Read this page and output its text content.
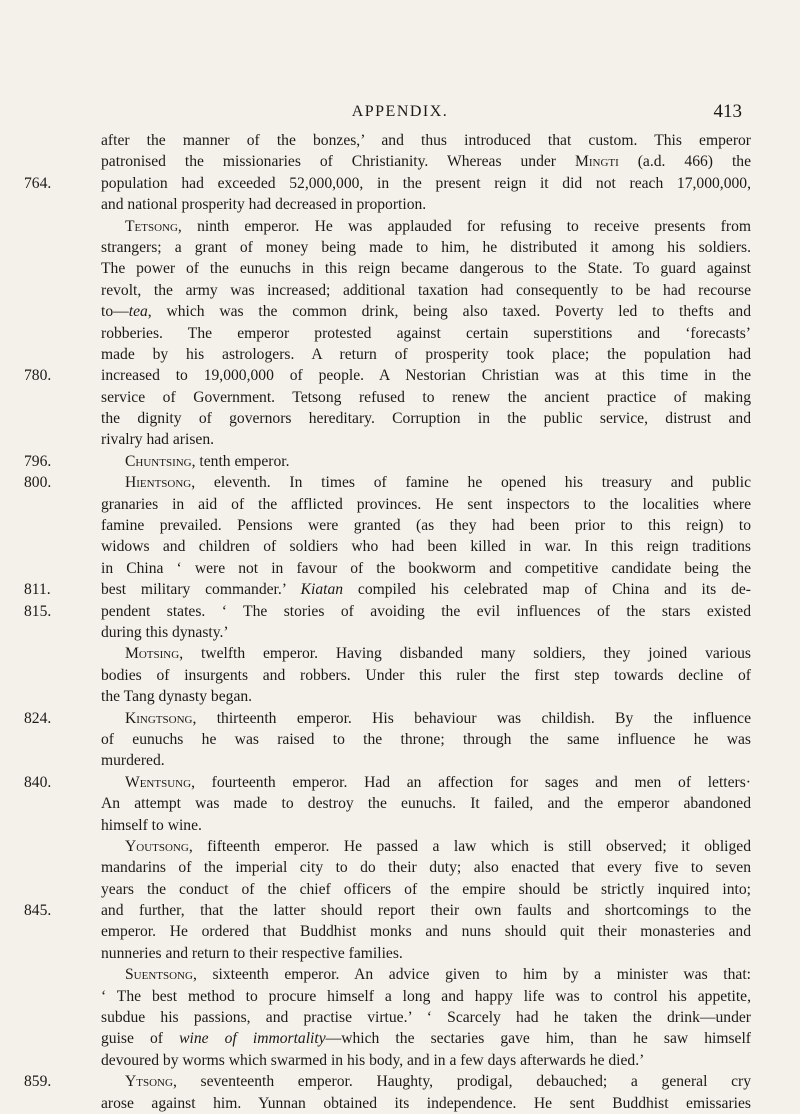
APPENDIX.	413
after the manner of the bonzes,’ and thus introduced that custom. This emperor
patronised the missionaries of Christianity. Whereas under Mingti (a.d. 466) the
764.	population had exceeded 52,000,000, in the present reign it did not reach 17,000,000,
and national prosperity had decreased in proportion.
Tetsong, ninth emperor. He was applauded for refusing to receive presents from
strangers; a grant of money being made to him, he distributed it among his soldiers.
The power of the eunuchs in this reign became dangerous to the State. To guard against
revolt, the army was increased; additional taxation had consequently to be had recourse
to—tea, which was the common drink, being also taxed. Poverty led to thefts and
robberies. The emperor protested against certain superstitions and ‘forecasts’
made by his astrologers. A return of prosperity took place; the population had
780.	increased to 19,000,000 of people. A Nestorian Christian was at this time in the
service of Government. Tetsong refused to renew the ancient practice of making
the dignity of governors hereditary. Corruption in the public service, distrust and
rivalry had arisen.
796.	Chuntsing, tenth emperor.
800.	Hientsong, eleventh. In times of famine he opened his treasury and public
granaries in aid of the afflicted provinces. He sent inspectors to the localities where
famine prevailed. Pensions were granted (as they had been prior to this reign) to
widows and children of soldiers who had been killed in war. In this reign traditions
in China ‘ were not in favour of the bookworm and competitive candidate being the
811.	best military commander.’ Kiatan compiled his celebrated map of China and its de-
815.	pendent states. ‘ The stories of avoiding the evil influences of the stars existed
during this dynasty.’
Motsing, twelfth emperor. Having disbanded many soldiers, they joined various
bodies of insurgents and robbers. Under this ruler the first step towards decline of
the Tang dynasty began.
824.	Kingtsong, thirteenth emperor. His behaviour was childish. By the influence
of eunuchs he was raised to the throne; through the same influence he was
murdered.
840.	Wentsung, fourteenth emperor. Had an affection for sages and men of letters·
An attempt was made to destroy the eunuchs. It failed, and the emperor abandoned
himself to wine.
Youtsong, fifteenth emperor. He passed a law which is still observed; it obliged
mandarins of the imperial city to do their duty; also enacted that every five to seven
years the conduct of the chief officers of the empire should be strictly inquired into;
845.	and further, that the latter should report their own faults and shortcomings to the
emperor. He ordered that Buddhist monks and nuns should quit their monasteries and
nunneries and return to their respective families.
Suentsong, sixteenth emperor. An advice given to him by a minister was that:
‘ The best method to procure himself a long and happy life was to control his appetite,
subdue his passions, and practise virtue.’ ‘ Scarcely had he taken the drink—under
guise of wine of immortality—which the sectaries gave him, than he saw himself
devoured by worms which swarmed in his body, and in a few days afterwards he died.’
859.	Ytsong, seventeenth emperor. Haughty, prodigal, debauched; a general cry
arose against him. Yunnan obtained its independence. He sent Buddhist emissaries
